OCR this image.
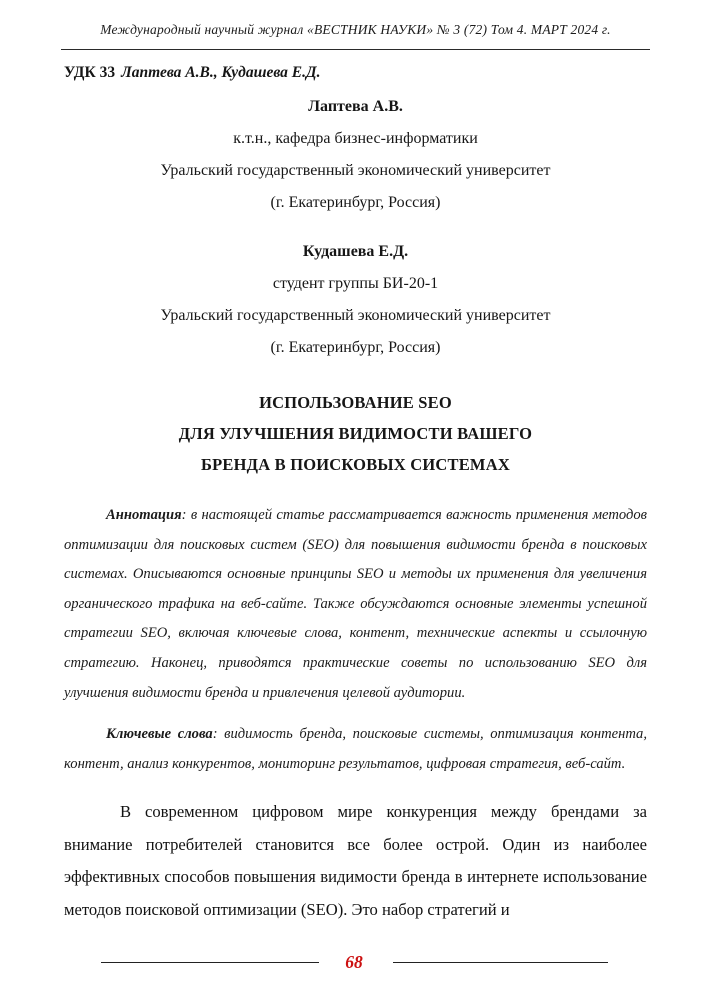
Международный научный журнал «ВЕСТНИК НАУКИ» № 3 (72) Том 4. МАРТ 2024 г.
УДК 33 Лаптева А.В., Кудашева Е.Д.
Лаптева А.В.
к.т.н., кафедра бизнес-информатики
Уральский государственный экономический университет
(г. Екатеринбург, Россия)
Кудашева Е.Д.
студент группы БИ-20-1
Уральский государственный экономический университет
(г. Екатеринбург, Россия)
ИСПОЛЬЗОВАНИЕ SEO
ДЛЯ УЛУЧШЕНИЯ ВИДИМОСТИ ВАШЕГО
БРЕНДА В ПОИСКОВЫХ СИСТЕМАХ

Аннотация: в настоящей статье рассматривается важность применения методов оптимизации для поисковых систем (SEO) для повышения видимости бренда в поисковых системах. Описываются основные принципы SEO и методы их применения для увеличения органического трафика на веб-сайте. Также обсуждаются основные элементы успешной стратегии SEO, включая ключевые слова, контент, технические аспекты и ссылочную стратегию. Наконец, приводятся практические советы по использованию SEO для улучшения видимости бренда и привлечения целевой аудитории.

Ключевые слова: видимость бренда, поисковые системы, оптимизация контента, контент, анализ конкурентов, мониторинг результатов, цифровая стратегия, веб-сайт.

В современном цифровом мире конкуренция между брендами за внимание потребителей становится все более острой. Один из наиболее эффективных способов повышения видимости бренда в интернете использование методов поисковой оптимизации (SEO). Это набор стратегий и

68
